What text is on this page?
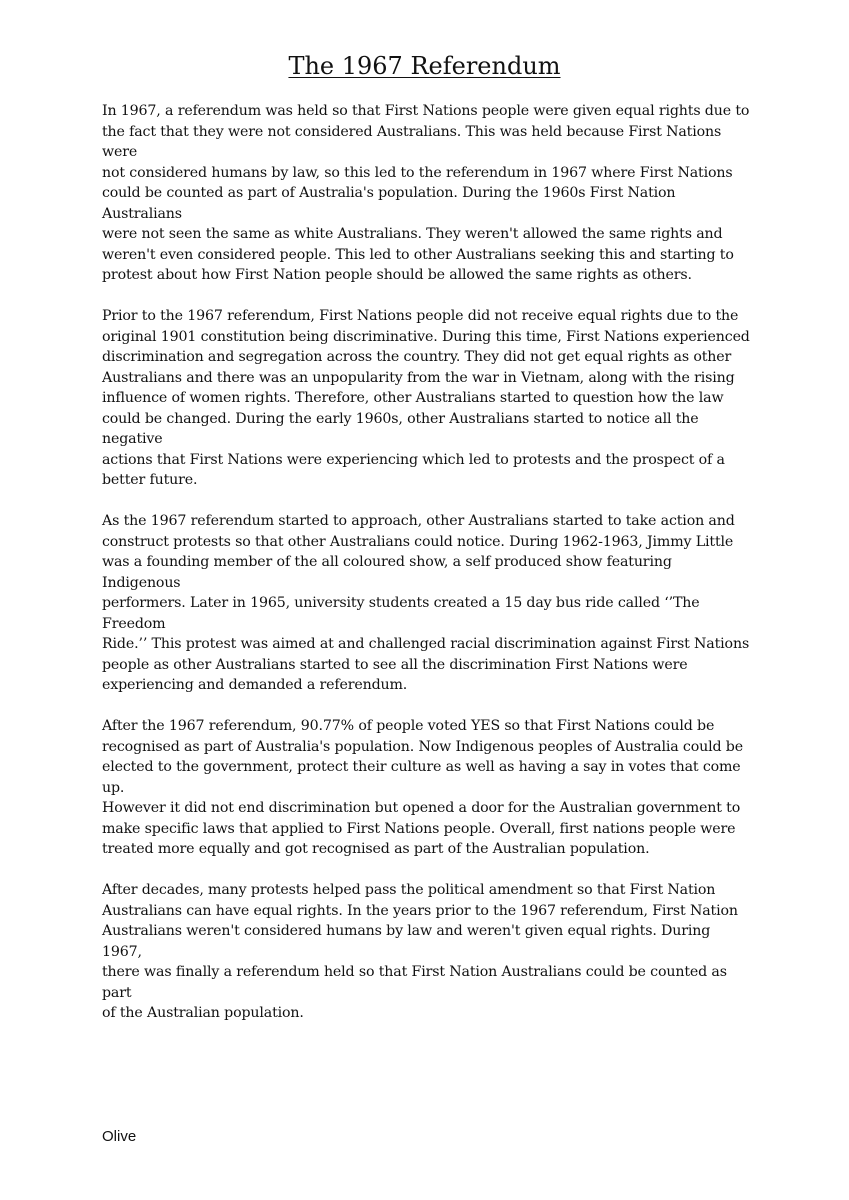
The 1967 Referendum

In 1967, a referendum was held so that First Nations people were given equal rights due to
the fact that they were not considered Australians. This was held because First Nations were
not considered humans by law, so this led to the referendum in 1967 where First Nations
could be counted as part of Australia's population. During the 1960s First Nation Australians
were not seen the same as white Australians. They weren't allowed the same rights and
weren't even considered people. This led to other Australians seeking this and starting to
protest about how First Nation people should be allowed the same rights as others.

Prior to the 1967 referendum, First Nations people did not receive equal rights due to the
original 1901 constitution being discriminative. During this time, First Nations experienced
discrimination and segregation across the country. They did not get equal rights as other
Australians and there was an unpopularity from the war in Vietnam, along with the rising
influence of women rights. Therefore, other Australians started to question how the law
could be changed. During the early 1960s, other Australians started to notice all the negative
actions that First Nations were experiencing which led to protests and the prospect of a
better future.

As the 1967 referendum started to approach, other Australians started to take action and
construct protests so that other Australians could notice. During 1962-1963, Jimmy Little
was a founding member of the all coloured show, a self produced show featuring Indigenous
performers. Later in 1965, university students created a 15 day bus ride called ‘’The Freedom
Ride.’’ This protest was aimed at and challenged racial discrimination against First Nations
people as other Australians started to see all the discrimination First Nations were
experiencing and demanded a referendum.

After the 1967 referendum, 90.77% of people voted YES so that First Nations could be
recognised as part of Australia's population. Now Indigenous peoples of Australia could be
elected to the government, protect their culture as well as having a say in votes that come up.
However it did not end discrimination but opened a door for the Australian government to
make specific laws that applied to First Nations people. Overall, first nations people were
treated more equally and got recognised as part of the Australian population.

After decades, many protests helped pass the political amendment so that First Nation
Australians can have equal rights. In the years prior to the 1967 referendum, First Nation
Australians weren't considered humans by law and weren't given equal rights. During 1967,
there was finally a referendum held so that First Nation Australians could be counted as part
of the Australian population.

Olive
